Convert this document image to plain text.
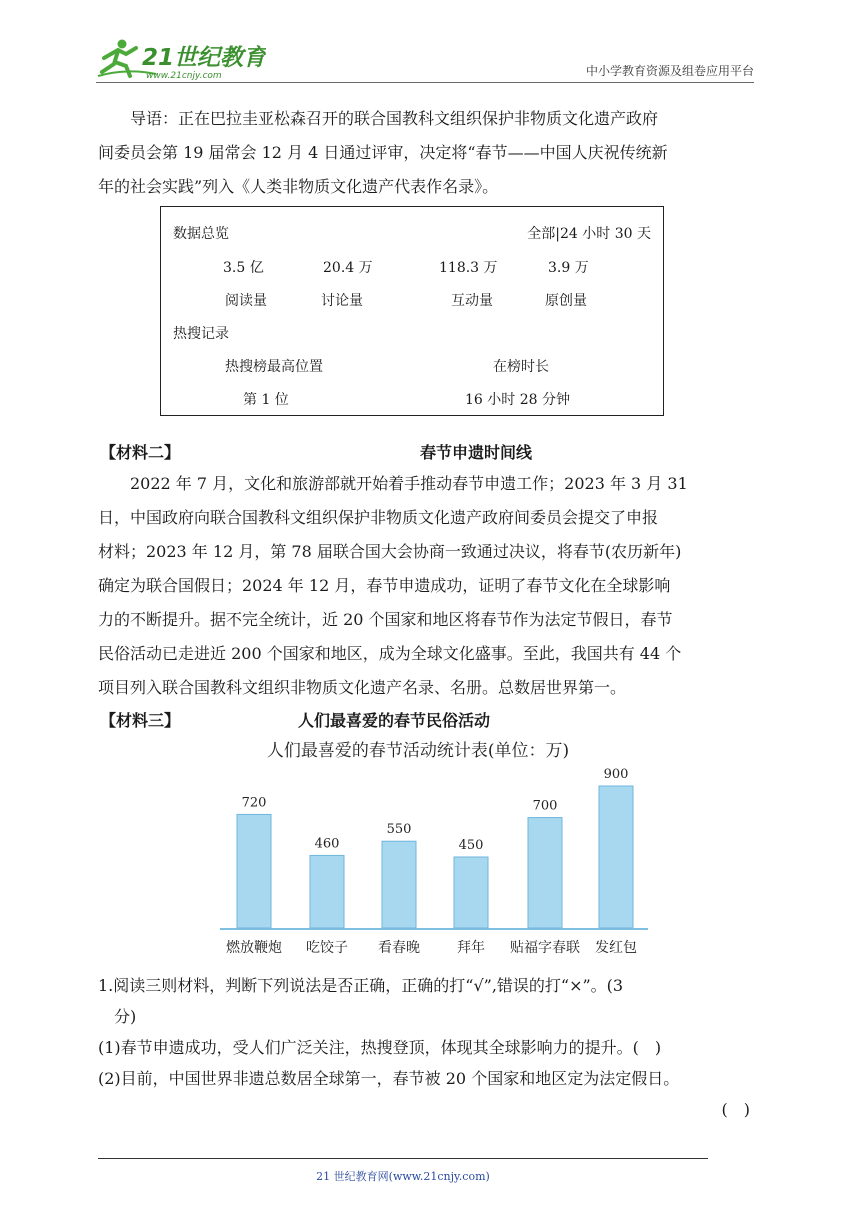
21世纪教育
www.21cnjy.com	中小学教育资源及组卷应用平台
导语：正在巴拉圭亚松森召开的联合国教科文组织保护非物质文化遗产政府
间委员会第 19 届常会 12 月 4 日通过评审，决定将“春节——中国人庆祝传统新
年的社会实践”列入《人类非物质文化遗产代表作名录》。
数据总览	全部|24 小时 30 天
3.5 亿	20.4 万	118.3 万	3.9 万
阅读量	讨论量	互动量	原创量
热搜记录
热搜榜最高位置	在榜时长
第 1 位	16 小时 28 分钟
【材料二】	春节申遗时间线
2022 年 7 月，文化和旅游部就开始着手推动春节申遗工作；2023 年 3 月 31
日，中国政府向联合国教科文组织保护非物质文化遗产政府间委员会提交了申报
材料；2023 年 12 月，第 78 届联合国大会协商一致通过决议，将春节(农历新年)
确定为联合国假日；2024 年 12 月，春节申遗成功，证明了春节文化在全球影响
力的不断提升。据不完全统计，近 20 个国家和地区将春节作为法定节假日，春节
民俗活动已走进近 200 个国家和地区，成为全球文化盛事。至此，我国共有 44 个
项目列入联合国教科文组织非物质文化遗产名录、名册。总数居世界第一。
【材料三】	人们最喜爱的春节民俗活动
人们最喜爱的春节活动统计表(单位：万)
720
燃放鞭炮
460
吃饺子
550
看春晚
450
拜年
700
贴福字春联
900
发红包
1.阅读三则材料，判断下列说法是否正确，正确的打“√”,错误的打“×”。(3
分)
(1)春节申遗成功，受人们广泛关注，热搜登顶，体现其全球影响力的提升。(　)
(2)目前，中国世界非遗总数居全球第一，春节被 20 个国家和地区定为法定假日。
(　)
21 世纪教育网(www.21cnjy.com)
